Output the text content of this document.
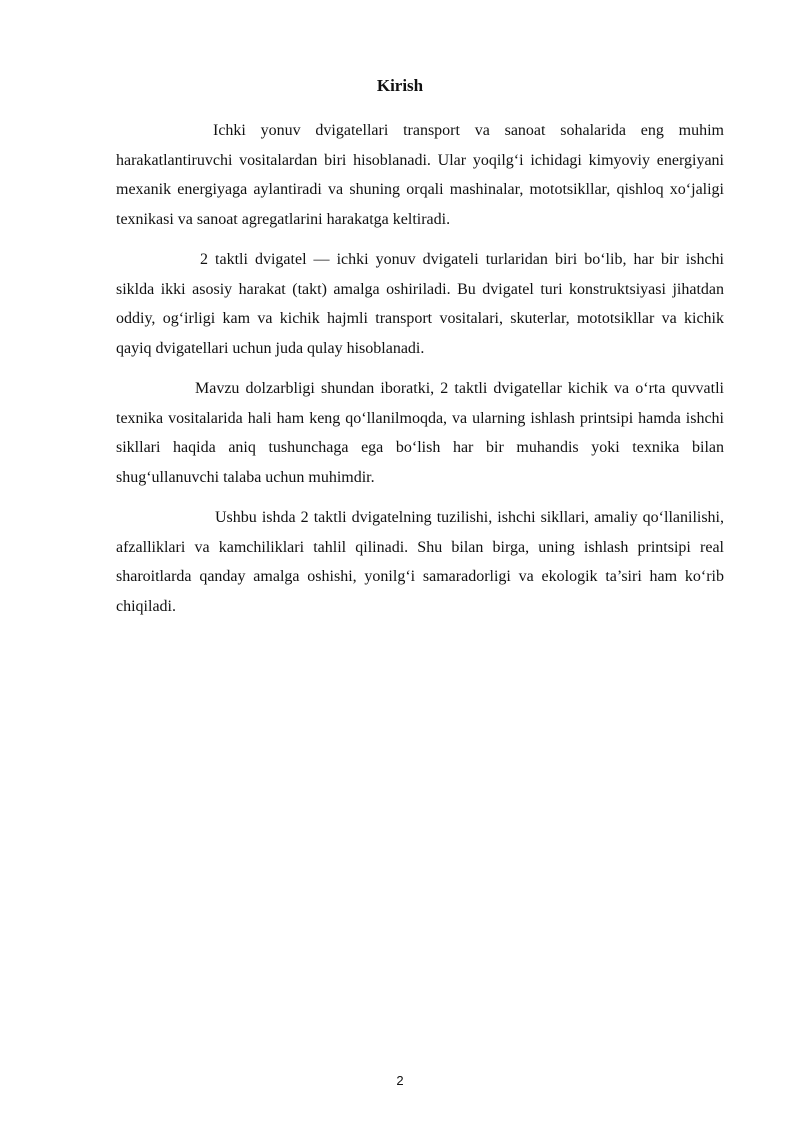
Kirish

Ichki yonuv dvigatellari transport va sanoat sohalarida eng muhim harakatlantiruvchi vositalardan biri hisoblanadi. Ular yoqilg‘i ichidagi kimyoviy energiyani mexanik energiyaga aylantiradi va shuning orqali mashinalar, mototsikllar, qishloq xo‘jaligi texnikasi va sanoat agregatlarini harakatga keltiradi.

2 taktli dvigatel — ichki yonuv dvigateli turlaridan biri bo‘lib, har bir ishchi siklda ikki asosiy harakat (takt) amalga oshiriladi. Bu dvigatel turi konstruktsiyasi jihatdan oddiy, og‘irligi kam va kichik hajmli transport vositalari, skuterlar, mototsikllar va kichik qayiq dvigatellari uchun juda qulay hisoblanadi.

Mavzu dolzarbligi shundan iboratki, 2 taktli dvigatellar kichik va o‘rta quvvatli texnika vositalarida hali ham keng qo‘llanilmoqda, va ularning ishlash printsipi hamda ishchi sikllari haqida aniq tushunchaga ega bo‘lish har bir muhandis yoki texnika bilan shug‘ullanuvchi talaba uchun muhimdir.

Ushbu ishda 2 taktli dvigatelning tuzilishi, ishchi sikllari, amaliy qo‘llanilishi, afzalliklari va kamchiliklari tahlil qilinadi. Shu bilan birga, uning ishlash printsipi real sharoitlarda qanday amalga oshishi, yonilg‘i samaradorligi va ekologik ta’siri ham ko‘rib chiqiladi.

2
